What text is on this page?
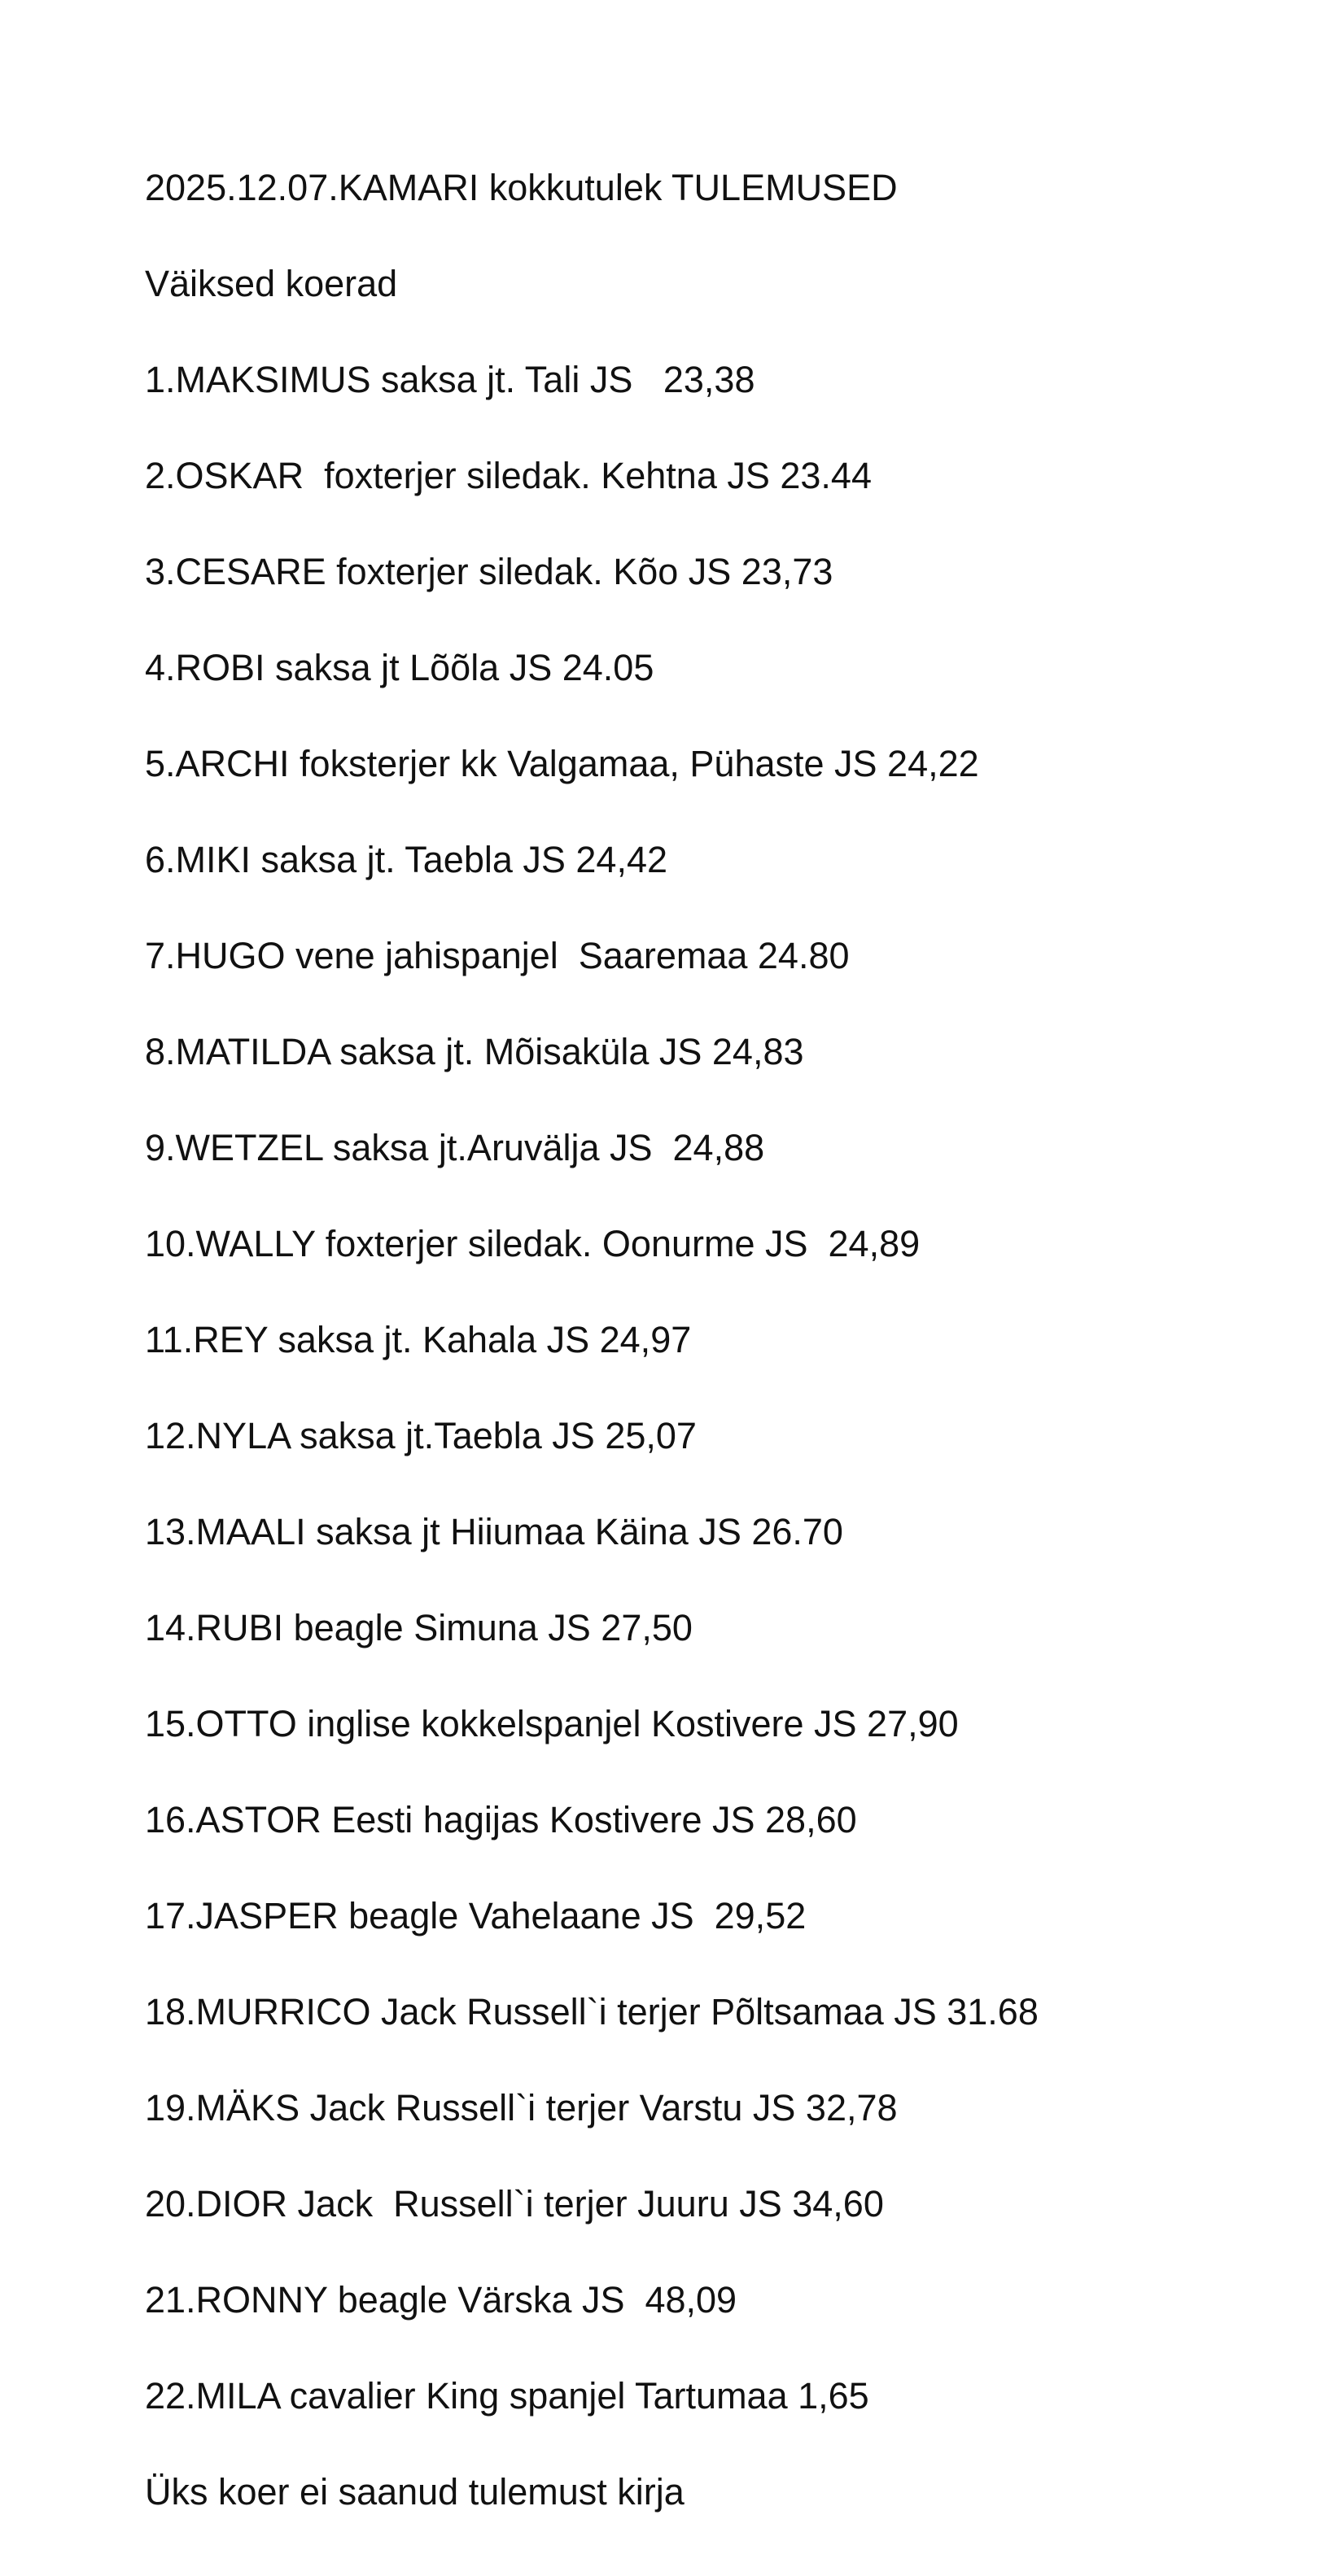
2025.12.07.KAMARI kokkutulek TULEMUSED

Väiksed koerad

1.MAKSIMUS saksa jt. Tali JS   23,38

2.OSKAR  foxterjer siledak. Kehtna JS 23.44

3.CESARE foxterjer siledak. Kõo JS 23,73

4.ROBI saksa jt Lõõla JS 24.05

5.ARCHI foksterjer kk Valgamaa, Pühaste JS 24,22

6.MIKI saksa jt. Taebla JS 24,42

7.HUGO vene jahispanjel  Saaremaa 24.80

8.MATILDA saksa jt. Mõisaküla JS 24,83

9.WETZEL saksa jt.Aruvälja JS  24,88

10.WALLY foxterjer siledak. Oonurme JS  24,89

11.REY saksa jt. Kahala JS 24,97

12.NYLA saksa jt.Taebla JS 25,07

13.MAALI saksa jt Hiiumaa Käina JS 26.70

14.RUBI beagle Simuna JS 27,50

15.OTTO inglise kokkelspanjel Kostivere JS 27,90

16.ASTOR Eesti hagijas Kostivere JS 28,60

17.JASPER beagle Vahelaane JS  29,52

18.MURRICO Jack Russell`i terjer Põltsamaa JS 31.68

19.MÄKS Jack Russell`i terjer Varstu JS 32,78

20.DIOR Jack  Russell`i terjer Juuru JS 34,60

21.RONNY beagle Värska JS  48,09

22.MILA cavalier King spanjel Tartumaa 1,65

Üks koer ei saanud tulemust kirja
